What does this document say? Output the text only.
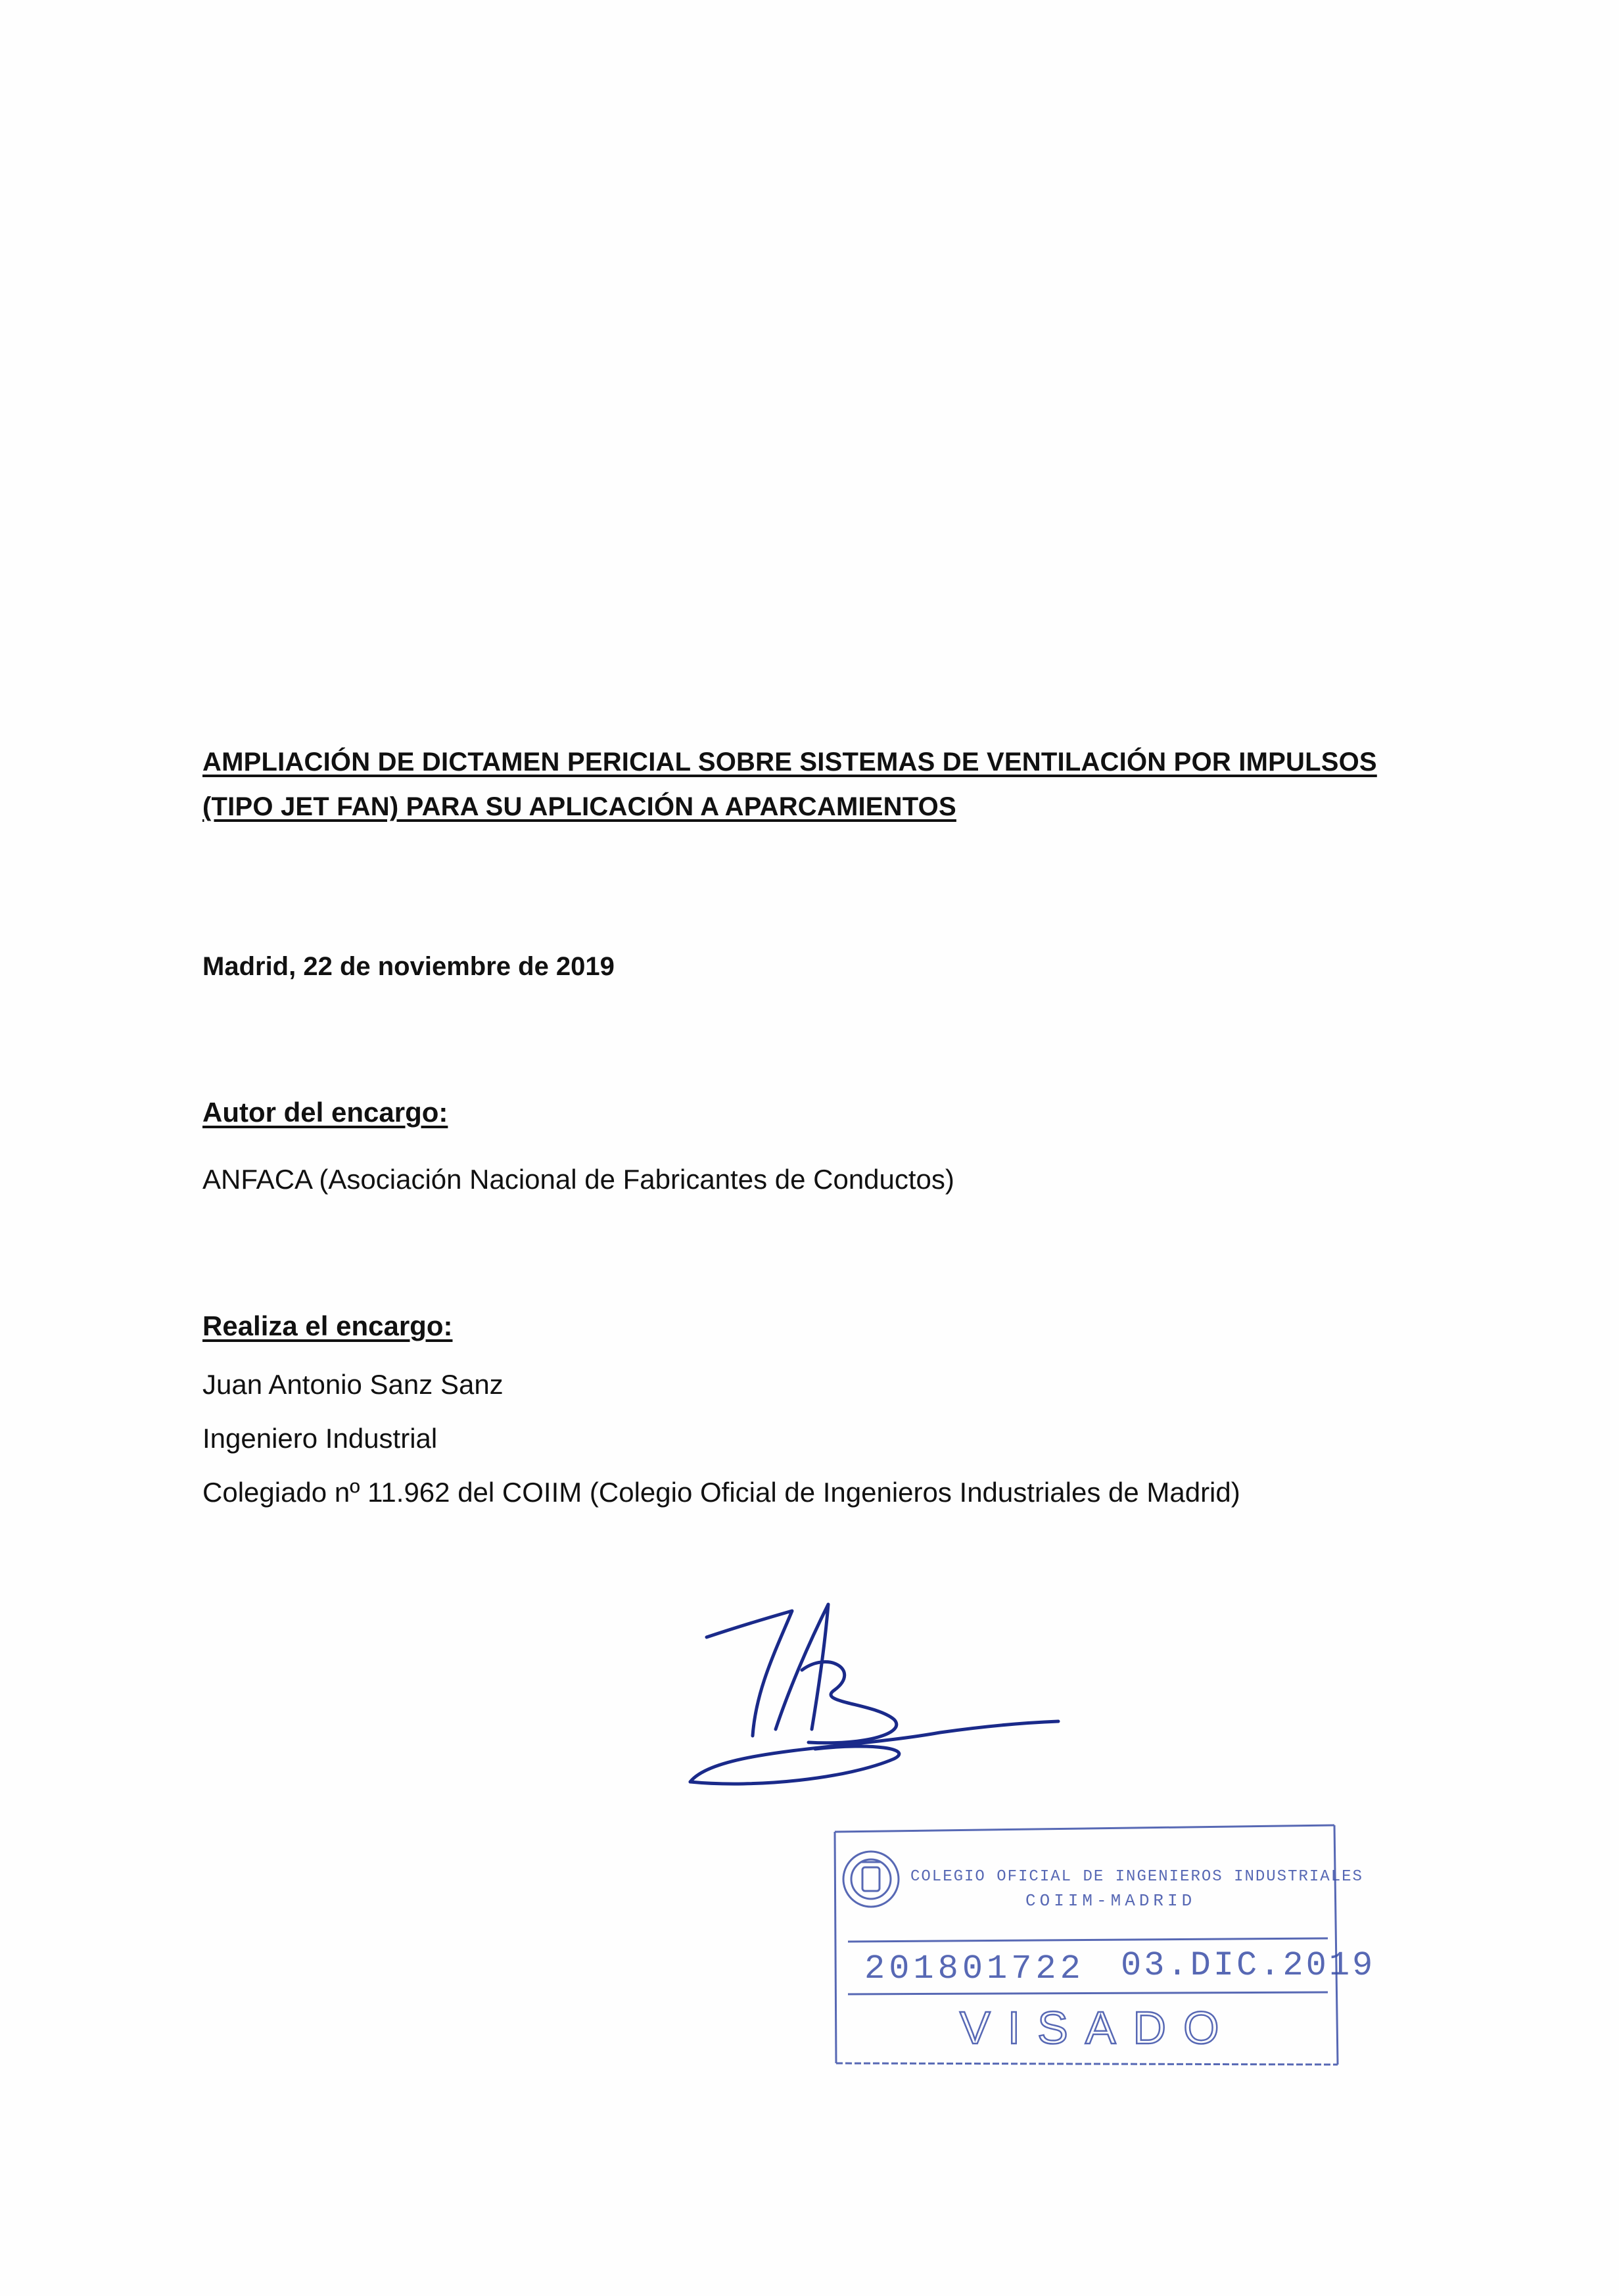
AMPLIACIÓN DE DICTAMEN PERICIAL SOBRE SISTEMAS DE VENTILACIÓN POR IMPULSOS
(TIPO JET FAN) PARA SU APLICACIÓN A APARCAMIENTOS
Madrid, 22 de noviembre de 2019
Autor del encargo:
ANFACA (Asociación Nacional de Fabricantes de Conductos)
Realiza el encargo:
Juan Antonio Sanz Sanz
Ingeniero Industrial
Colegiado nº 11.962 del COIIM (Colegio Oficial de Ingenieros Industriales de Madrid)
COLEGIO OFICIAL DE INGENIEROS INDUSTRIALES
COIIM-MADRID
201801722 03.DIC.2019
VISADO
